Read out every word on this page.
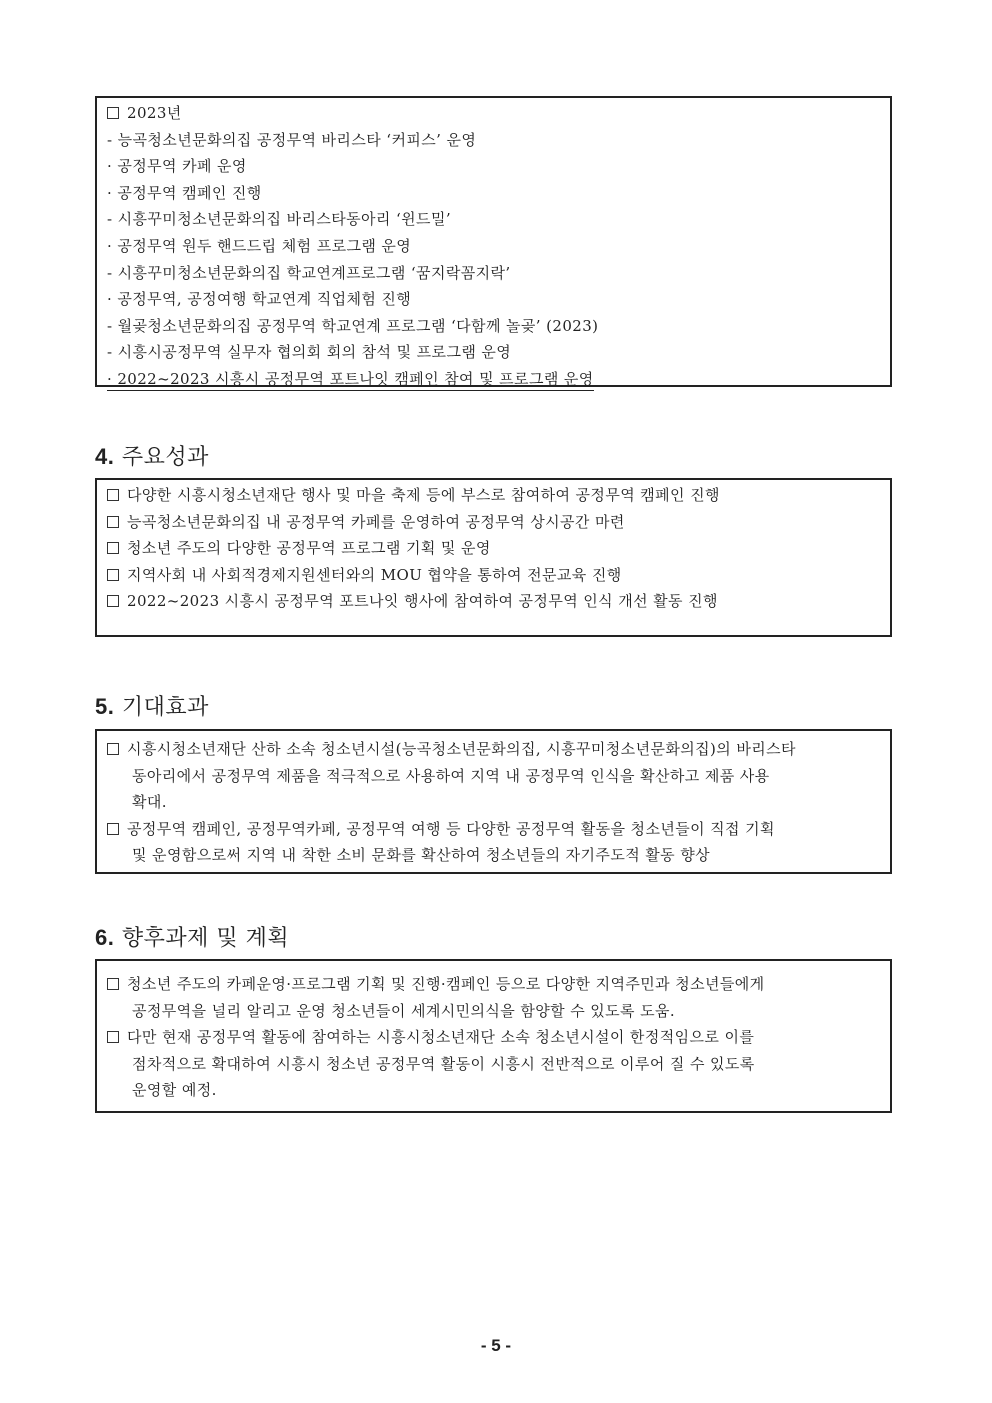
2023년
- 능곡청소년문화의집 공정무역 바리스타 ‘커피스’ 운영
· 공정무역 카페 운영
· 공정무역 캠페인 진행
- 시흥꾸미청소년문화의집 바리스타동아리 ‘윈드밀’
· 공정무역 원두 핸드드립 체험 프로그램 운영
- 시흥꾸미청소년문화의집 학교연계프로그램 ‘꿈지락꼼지락’
· 공정무역, 공정여행 학교연계 직업체험 진행
- 월곶청소년문화의집 공정무역 학교연계 프로그램 ‘다함께 놀곶’ (2023)
- 시흥시공정무역 실무자 협의회 회의 참석 및 프로그램 운영
· 2022~2023 시흥시 공정무역 포트나잇 캠페인 참여 및 프로그램 운영
4. 주요성과
다양한 시흥시청소년재단 행사 및 마을 축제 등에 부스로 참여하여 공정무역 캠페인 진행
능곡청소년문화의집 내 공정무역 카페를 운영하여 공정무역 상시공간 마련
청소년 주도의 다양한 공정무역 프로그램 기획 및 운영
지역사회 내 사회적경제지원센터와의 MOU 협약을 통하여 전문교육 진행
2022~2023 시흥시 공정무역 포트나잇 행사에 참여하여 공정무역 인식 개선 활동 진행
5. 기대효과
시흥시청소년재단 산하 소속 청소년시설(능곡청소년문화의집, 시흥꾸미청소년문화의집)의 바리스타
동아리에서 공정무역 제품을 적극적으로 사용하여 지역 내 공정무역 인식을 확산하고 제품 사용
확대.
공정무역 캠페인, 공정무역카페, 공정무역 여행 등 다양한 공정무역 활동을 청소년들이 직접 기획
및 운영함으로써 지역 내 착한 소비 문화를 확산하여 청소년들의 자기주도적 활동 향상
6. 향후과제 및 계획
청소년 주도의 카페운영·프로그램 기획 및 진행·캠페인 등으로 다양한 지역주민과 청소년들에게
공정무역을 널리 알리고 운영 청소년들이 세계시민의식을 함양할 수 있도록 도움.
다만 현재 공정무역 활동에 참여하는 시흥시청소년재단 소속 청소년시설이 한정적임으로 이를
점차적으로 확대하여 시흥시 청소년 공정무역 활동이 시흥시 전반적으로 이루어 질 수 있도록
운영할 예정.
- 5 -
